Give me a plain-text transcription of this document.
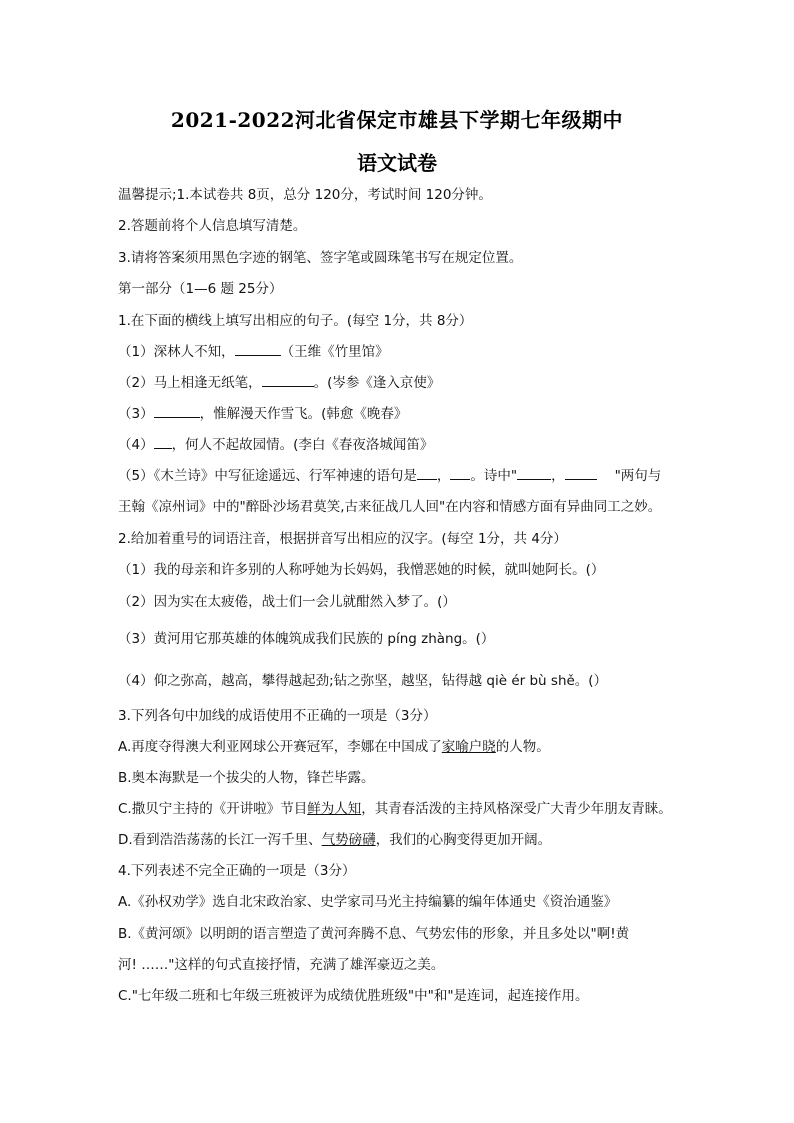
2021-2022河北省保定市雄县下学期七年级期中
语文试卷
温馨提示;1.本试卷共 8页，总分 120分，考试时间 120分钟。
2.答题前将个人信息填写清楚。
3.请将答案须用黑色字迹的钢笔、签字笔或圆珠笔书写在规定位置。
第一部分（1—6 题 25分）
1.在下面的横线上填写出相应的句子。(每空 1分，共 8分）
（1）深林人不知，	（王维《竹里馆》
（2）马上相逢无纸笔，	。(岑参《逢入京使》
（3）	，惟解漫天作雪飞。(韩愈《晚春》
（4） ，何人不起故园情。(李白《春夜洛城闻笛》
（5）《木兰诗》中写征途遥远、行军神速的语句是 ， 。诗中"	，	"两句与
王翰《凉州词》中的"醉卧沙场君莫笑,古来征战几人回"在内容和情感方面有异曲同工之妙。
2.给加着重号的词语注音，根据拼音写出相应的汉字。(每空 1分，共 4分）
（1）我的母亲和许多别的人称呼她为长妈妈，我憎恶她的时候，就叫她阿长。(）
（2）因为实在太疲倦，战士们一会儿就酣然入梦了。(）
（3）黄河用它那英雄的体魄筑成我们民族的 píng zhàng。(）
（4）仰之弥高，越高，攀得越起劲;钻之弥坚，越坚，钻得越 qiè ér bù shě。(）
3.下列各句中加线的成语使用不正确的一项是（3分）
A.再度夺得澳大利亚网球公开赛冠军，李娜在中国成了家喻户晓的人物。
B.奥本海默是一个拔尖的人物，锋芒毕露。
C.撒贝宁主持的《开讲啦》节目鲜为人知，其青春活泼的主持风格深受广大青少年朋友青睐。
D.看到浩浩荡荡的长江一泻千里、气势磅礴，我们的心胸变得更加开阔。
4.下列表述不完全正确的一项是（3分）
A.《孙权劝学》选自北宋政治家、史学家司马光主持编纂的编年体通史《资治通鉴》
B.《黄河颂》以明朗的语言塑造了黄河奔腾不息、气势宏伟的形象，并且多处以"啊!黄
河! ……"这样的句式直接抒情，充满了雄浑豪迈之美。
C."七年级二班和七年级三班被评为成绩优胜班级"中"和"是连词，起连接作用。
